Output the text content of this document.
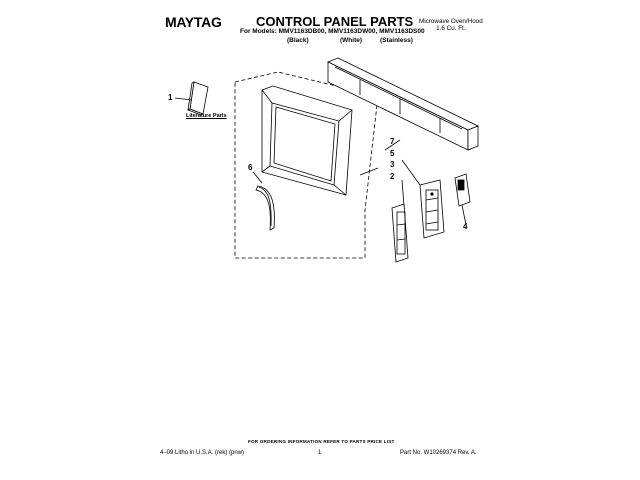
MAYTAG	CONTROL PANEL PARTS
For Models: MMV1163DB00, MMV1163DW00, MMV1163DS00
(Black)	(White)	(Stainless)
Microwave Oven/Hood
1.6 Cu. Ft.
1
6
7
5
3
2
4
Literature Parts
FOR ORDERING INFORMATION REFER TO PARTS PRICE LIST
4–09 Litho in U.S.A. (rek) (pnw)	1	Part No. W10269374 Rev. A.
